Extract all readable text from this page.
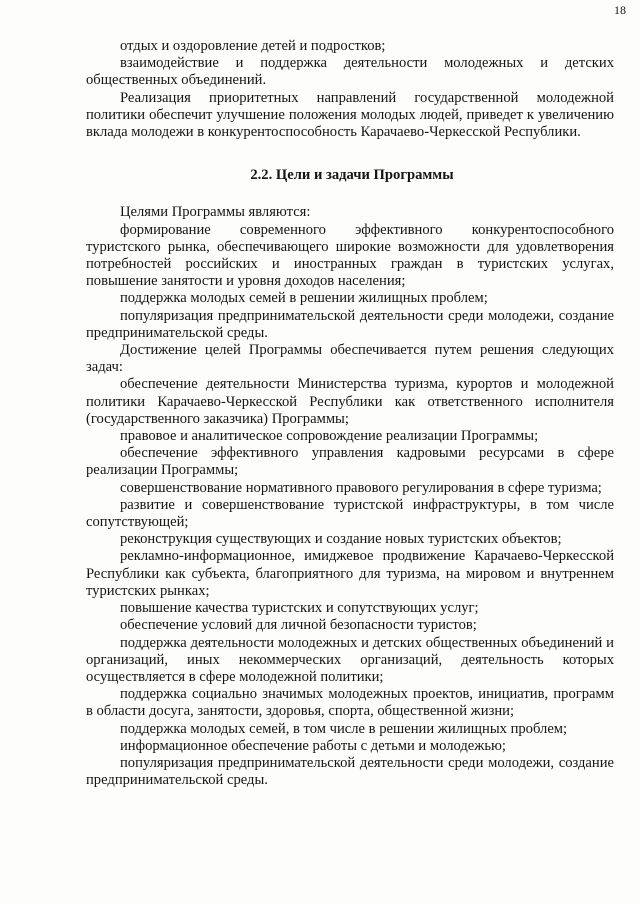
18

отдых и оздоровление детей и подростков;

взаимодействие и поддержка деятельности молодежных и детских общественных объединений.

Реализация приоритетных направлений государственной молодежной политики обеспечит улучшение положения молодых людей, приведет к увеличению вклада молодежи в конкурентоспособность Карачаево-Черкесской Республики.

2.2. Цели и задачи Программы

Целями Программы являются:

формирование современного эффективного конкурентоспособного туристского рынка, обеспечивающего широкие возможности для удовлетворения потребностей российских и иностранных граждан в туристских услугах, повышение занятости и уровня доходов населения;

поддержка молодых семей в решении жилищных проблем;

популяризация предпринимательской деятельности среди молодежи, создание предпринимательской среды.

Достижение целей Программы обеспечивается путем решения следующих задач:

обеспечение деятельности Министерства туризма, курортов и молодежной политики Карачаево-Черкесской Республики как ответственного исполнителя (государственного заказчика) Программы;

правовое и аналитическое сопровождение реализации Программы;

обеспечение эффективного управления кадровыми ресурсами в сфере реализации Программы;

совершенствование нормативного правового регулирования в сфере туризма;

развитие и совершенствование туристской инфраструктуры, в том числе сопутствующей;

реконструкция существующих и создание новых туристских объектов;

рекламно-информационное, имиджевое продвижение Карачаево-Черкесской Республики как субъекта, благоприятного для туризма, на мировом и внутреннем туристских рынках;

повышение качества туристских и сопутствующих услуг;

обеспечение условий для личной безопасности туристов;

поддержка деятельности молодежных и детских общественных объединений и организаций, иных некоммерческих организаций, деятельность которых осуществляется в сфере молодежной политики;

поддержка социально значимых молодежных проектов, инициатив, программ в области досуга, занятости, здоровья, спорта, общественной жизни;

поддержка молодых семей, в том числе в решении жилищных проблем;

информационное обеспечение работы с детьми и молодежью;

популяризация предпринимательской деятельности среди молодежи, создание предпринимательской среды.
